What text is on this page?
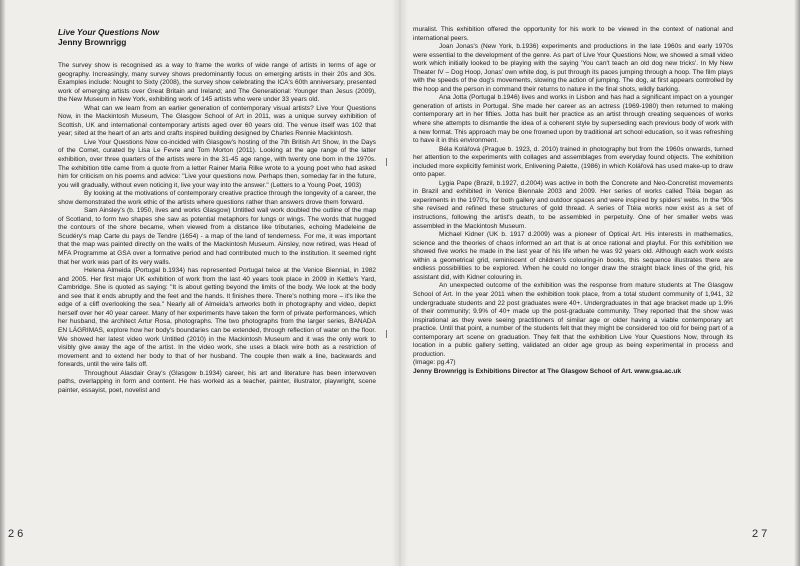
Live Your Questions Now
Jenny Brownrigg

The survey show is recognised as a way to frame the works of wide range of artists in terms of age or geography. Increasingly, many survey shows predominantly focus on emerging artists in their 20s and 30s. Examples include: Nought to Sixty (2008), the survey show celebrating the ICA's 60th anniversary, presented work of emerging artists over Great Britain and Ireland; and The Generational: Younger than Jesus (2009), the New Museum in New York, exhibiting work of 145 artists who were under 33 years old.

What can we learn from an earlier generation of contemporary visual artists? Live Your Questions Now, in the Mackintosh Museum, The Glasgow School of Art in 2011, was a unique survey exhibition of Scottish, UK and international contemporary artists aged over 60 years old. The venue itself was 102 that year; sited at the heart of an arts and crafts inspired building designed by Charles Rennie Mackintosh.

Live Your Questions Now co-incided with Glasgow's hosting of the 7th British Art Show, In the Days of the Comet, curated by Lisa Le Fevre and Tom Morton (2011). Looking at the age range of the latter exhibition, over three quarters of the artists were in the 31-45 age range, with twenty one born in the 1970s. The exhibition title came from a quote from a letter Rainer Maria Rilke wrote to a young poet who had asked him for criticism on his poems and advice: "Live your questions now. Perhaps then, someday far in the future, you will gradually, without even noticing it, live your way into the answer." (Letters to a Young Poet, 1903)

By looking at the motivations of contemporary creative practice through the longevity of a career, the show demonstrated the work ethic of the artists where questions rather than answers drove them forward.

Sam Ainsley's (b. 1950, lives and works Glasgow) Untitled wall work doubled the outline of the map of Scotland, to form two shapes she saw as potential metaphors for lungs or wings. The words that hugged the contours of the shore became, when viewed from a distance like tributaries, echoing Madeleine de Scudéry's map Carte du pays de Tendre (1654) - a map of the land of tenderness. For me, it was important that the map was painted directly on the walls of the Mackintosh Museum. Ainsley, now retired, was Head of MFA Programme at GSA over a formative period and had contributed much to the institution. It seemed right that her work was part of its very walls.

Helena Almeida (Portugal b.1934) has represented Portugal twice at the Venice Biennial, in 1982 and 2005. Her first major UK exhibition of work from the last 40 years took place in 2009 in Kettle's Yard, Cambridge. She is quoted as saying: "It is about getting beyond the limits of the body. We look at the body and see that it ends abruptly and the feet and the hands. It finishes there. There's nothing more – it's like the edge of a cliff overlooking the sea." Nearly all of Almeida's artworks both in photography and video, depict herself over her 40 year career. Many of her experiments have taken the form of private performances, which her husband, the architect Artur Rosa, photographs. The two photographs from the larger series, BANADA EN LÁGRIMAS, explore how her body's boundaries can be extended, through reflection of water on the floor. We showed her latest video work Untitled (2010) in the Mackintosh Museum and it was the only work to visibly give away the age of the artist. In the video work, she uses a black wire both as a restriction of movement and to extend her body to that of her husband. The couple then walk a line, backwards and forwards, until the wire falls off.

Throughout Alasdair Gray's (Glasgow b.1934) career, his art and literature has been interwoven paths, overlapping in form and content. He has worked as a teacher, painter, illustrator, playwright, scene painter, essayist, poet, novelist and

muralist. This exhibition offered the opportunity for his work to be viewed in the context of national and international peers.

Joan Jonas's (New York, b.1936) experiments and productions in the late 1960s and early 1970s were essential to the development of the genre. As part of Live Your Questions Now, we showed a small video work which initially looked to be playing with the saying 'You can't teach an old dog new tricks'. In My New Theater IV – Dog Hoop, Jonas' own white dog, is put through its paces jumping through a hoop. The film plays with the speeds of the dog's movements, slowing the action of jumping. The dog, at first appears controlled by the hoop and the person in command their returns to nature in the final shots, wildly barking.

Ana Jotta (Portugal b.1946) lives and works in Lisbon and has had a significant impact on a younger generation of artists in Portugal. She made her career as an actress (1969-1980) then returned to making contemporary art in her fifties. Jotta has built her practice as an artist through creating sequences of works where she attempts to dismantle the idea of a coherent style by superseding each previous body of work with a new format. This approach may be one frowned upon by traditional art school education, so it was refreshing to have it in this environment.

Béla Kolářová (Prague b. 1923, d. 2010) trained in photography but from the 1960s onwards, turned her attention to the experiments with collages and assemblages from everyday found objects. The exhibition included more explicitly feminist work, Enlivening Palette, (1986) in which Kolářová has used make-up to draw onto paper.

Lygia Pape (Brazil, b.1927, d.2004) was active in both the Concrete and Neo-Concretist movements in Brazil and exhibited in Venice Biennale 2003 and 2009. Her series of works called Ttéia began as experiments in the 1970's, for both gallery and outdoor spaces and were inspired by spiders' webs. In the '90s she revised and refined these structures of gold thread. A series of Ttéia works now exist as a set of instructions, following the artist's death, to be assembled in perpetuity. One of her smaller webs was assembled in the Mackintosh Museum.

Michael Kidner (UK b. 1917 d.2009) was a pioneer of Optical Art. His interests in mathematics, science and the theories of chaos informed an art that is at once rational and playful. For this exhibition we showed five works he made in the last year of his life when he was 92 years old. Although each work exists within a geometrical grid, reminiscent of children's colouring-in books, this sequence illustrates there are endless possibilities to be explored. When he could no longer draw the straight black lines of the grid, his assistant did, with Kidner colouring in.

An unexpected outcome of the exhibition was the response from mature students at The Glasgow School of Art. In the year 2011 when the exhibition took place, from a total student community of 1,941, 32 undergraduate students and 22 post graduates were 40+. Undergraduates in that age bracket made up 1.9% of their community; 9.9% of 40+ made up the post-graduate community. They reported that the show was inspirational as they were seeing practitioners of similar age or older having a viable contemporary art practice. Until that point, a number of the students felt that they might be considered too old for being part of a contemporary art scene on graduation. They felt that the exhibition Live Your Questions Now, through its location in a public gallery setting, validated an older age group as being experimental in process and production.

(Image: pg.47)

Jenny Brownrigg is Exhibitions Director at The Glasgow School of Art. www.gsa.ac.uk

26	27
